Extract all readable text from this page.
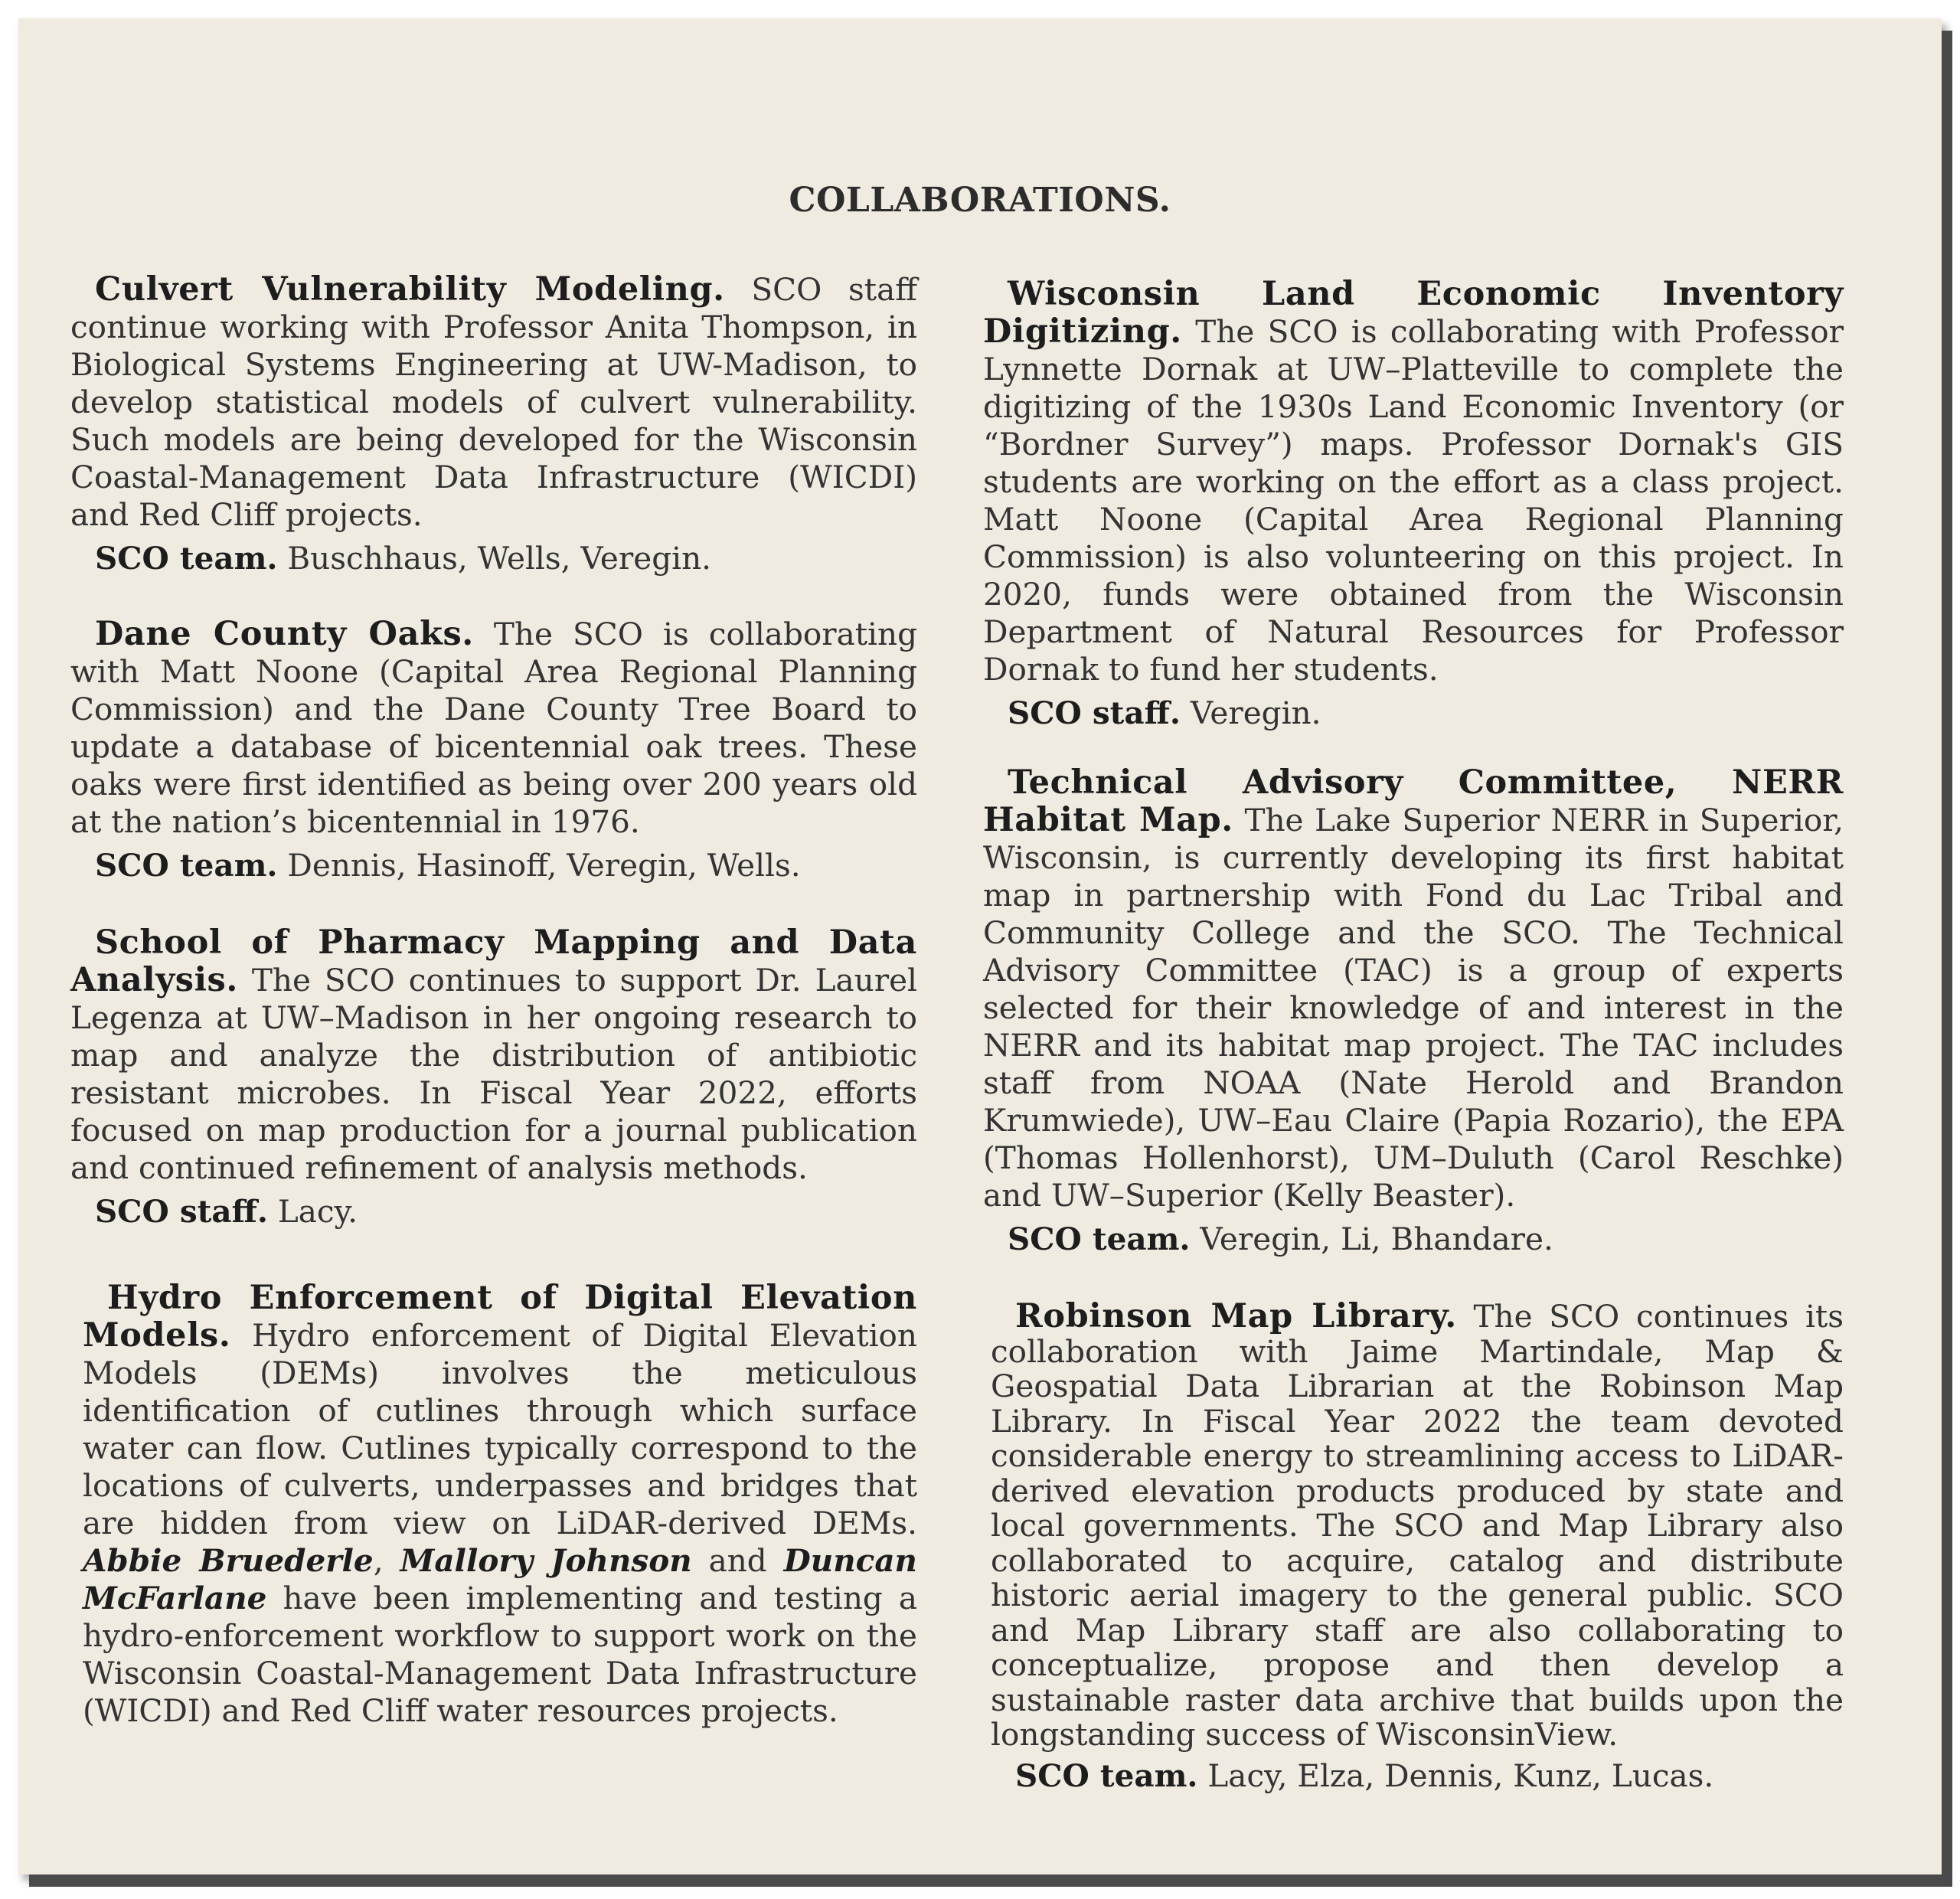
COLLABORATIONS.

Culvert Vulnerability Modeling. SCO staff continue working with Professor Anita Thompson, in Biological Systems Engineering at UW-Madison, to develop statistical models of culvert vulnerability. Such models are being developed for the Wisconsin Coastal-Management Data Infrastructure (WICDI) and Red Cliff projects.

SCO team. Buschhaus, Wells, Veregin.

Dane County Oaks. The SCO is collaborating with Matt Noone (Capital Area Regional Planning Commission) and the Dane County Tree Board to update a database of bicentennial oak trees. These oaks were first identified as being over 200 years old at the nation’s bicentennial in 1976.

SCO team. Dennis, Hasinoff, Veregin, Wells.

School of Pharmacy Mapping and Data Analysis. The SCO continues to support Dr. Laurel Legenza at UW–Madison in her ongoing research to map and analyze the distribution of antibiotic resistant microbes. In Fiscal Year 2022, efforts focused on map production for a journal publication and continued refinement of analysis methods.

SCO staff. Lacy.

Hydro Enforcement of Digital Elevation Models. Hydro enforcement of Digital Elevation Models (DEMs) involves the meticulous identification of cutlines through which surface water can flow. Cutlines typically correspond to the locations of culverts, underpasses and bridges that are hidden from view on LiDAR-derived DEMs. Abbie Bruederle, Mallory Johnson and Duncan McFarlane have been implementing and testing a hydro-enforcement workflow to support work on the Wisconsin Coastal-Management Data Infrastructure (WICDI) and Red Cliff water resources projects.

Wisconsin Land Economic Inventory Digitizing. The SCO is collaborating with Professor Lynnette Dornak at UW–Platteville to complete the digitizing of the 1930s Land Economic Inventory (or “Bordner Survey”) maps. Professor Dornak's GIS students are working on the effort as a class project. Matt Noone (Capital Area Regional Planning Commission) is also volunteering on this project. In 2020, funds were obtained from the Wisconsin Department of Natural Resources for Professor Dornak to fund her students.

SCO staff. Veregin.

Technical Advisory Committee, NERR Habitat Map. The Lake Superior NERR in Superior, Wisconsin, is currently developing its first habitat map in partnership with Fond du Lac Tribal and Community College and the SCO. The Technical Advisory Committee (TAC) is a group of experts selected for their knowledge of and interest in the NERR and its habitat map project. The TAC includes staff from NOAA (Nate Herold and Brandon Krumwiede), UW–Eau Claire (Papia Rozario), the EPA (Thomas Hollenhorst), UM–Duluth (Carol Reschke) and UW–Superior (Kelly Beaster).

SCO team. Veregin, Li, Bhandare.

Robinson Map Library. The SCO continues its collaboration with Jaime Martindale, Map & Geospatial Data Librarian at the Robinson Map Library. In Fiscal Year 2022 the team devoted considerable energy to streamlining access to LiDAR-derived elevation products produced by state and local governments. The SCO and Map Library also collaborated to acquire, catalog and distribute historic aerial imagery to the general public. SCO and Map Library staff are also collaborating to conceptualize, propose and then develop a sustainable raster data archive that builds upon the longstanding success of WisconsinView.

SCO team. Lacy, Elza, Dennis, Kunz, Lucas.
